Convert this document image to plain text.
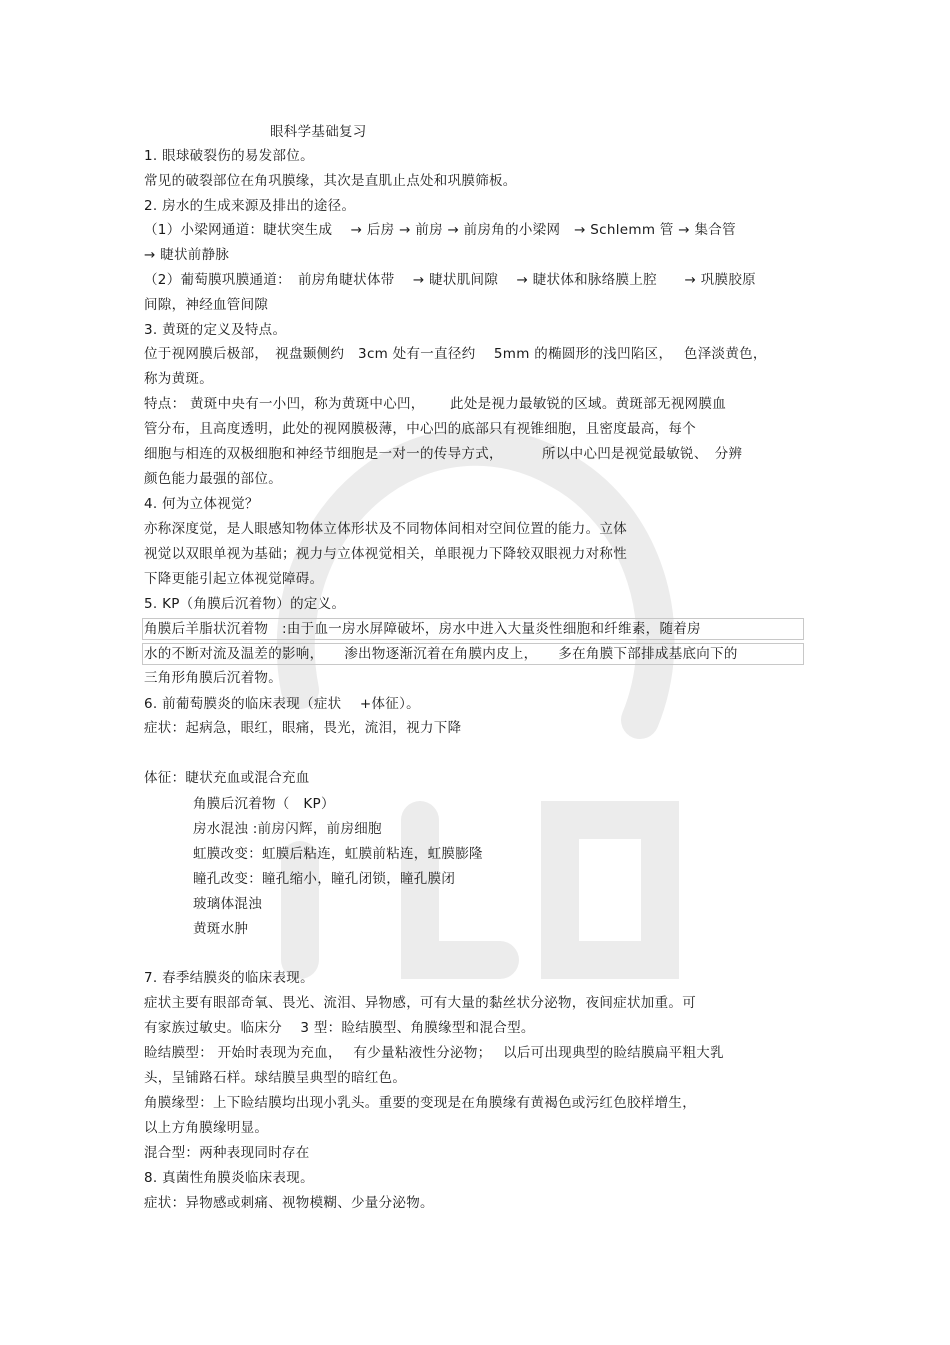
眼科学基础复习
1. 眼球破裂伤的易发部位。
常见的破裂部位在角巩膜缘，其次是直肌止点处和巩膜筛板。
2. 房水的生成来源及排出的途径。
（1）小梁网通道：睫状突生成　 → 后房 → 前房 → 前房角的小梁网　→ Schlemm 管 → 集合管
→ 睫状前静脉
（2）葡萄膜巩膜通道：　前房角睫状体带　 → 睫状肌间隙　 → 睫状体和脉络膜上腔　　→ 巩膜胶原
间隙，神经血管间隙
3. 黄斑的定义及特点。
位于视网膜后极部，　视盘颞侧约　3cm 处有一直径约　 5mm 的椭圆形的浅凹陷区，　 色泽淡黄色，
称为黄斑。
特点： 黄斑中央有一小凹，称为黄斑中心凹，　　 此处是视力最敏锐的区域。黄斑部无视网膜血
管分布，且高度透明，此处的视网膜极薄，中心凹的底部只有视锥细胞，且密度最高，每个
细胞与相连的双极细胞和神经节细胞是一对一的传导方式，　　　 所以中心凹是视觉最敏锐、　分辨
颜色能力最强的部位。
4. 何为立体视觉？
亦称深度觉，是人眼感知物体立体形状及不同物体间相对空间位置的能力。立体
视觉以双眼单视为基础；视力与立体视觉相关，单眼视力下降较双眼视力对称性
下降更能引起立体视觉障碍。
5. KP（角膜后沉着物）的定义。
角膜后羊脂状沉着物　:由于血一房水屏障破坏，房水中进入大量炎性细胞和纤维素，随着房
水的不断对流及温差的影响，　　渗出物逐渐沉着在角膜内皮上，　　多在角膜下部排成基底向下的
三角形角膜后沉着物。
6. 前葡萄膜炎的临床表现（症状　 +体征）。
症状：起病急，眼红，眼痛，畏光，流泪，视力下降
体征：睫状充血或混合充血
角膜后沉着物（　KP）
房水混浊 :前房闪辉，前房细胞
虹膜改变：虹膜后粘连，虹膜前粘连，虹膜膨隆
瞳孔改变：瞳孔缩小，瞳孔闭锁，瞳孔膜闭
玻璃体混浊
黄斑水肿
7. 春季结膜炎的临床表现。
症状主要有眼部奇氧、畏光、流泪、异物感，可有大量的黏丝状分泌物，夜间症状加重。可
有家族过敏史。临床分　 3 型：睑结膜型、角膜缘型和混合型。
睑结膜型： 开始时表现为充血，　 有少量粘液性分泌物；　 以后可出现典型的睑结膜扁平粗大乳
头，呈铺路石样。球结膜呈典型的暗红色。
角膜缘型：上下睑结膜均出现小乳头。重要的变现是在角膜缘有黄褐色或污红色胶样增生，
以上方角膜缘明显。
混合型：两种表现同时存在
8. 真菌性角膜炎临床表现。
症状：异物感或刺痛、视物模糊、少量分泌物。
